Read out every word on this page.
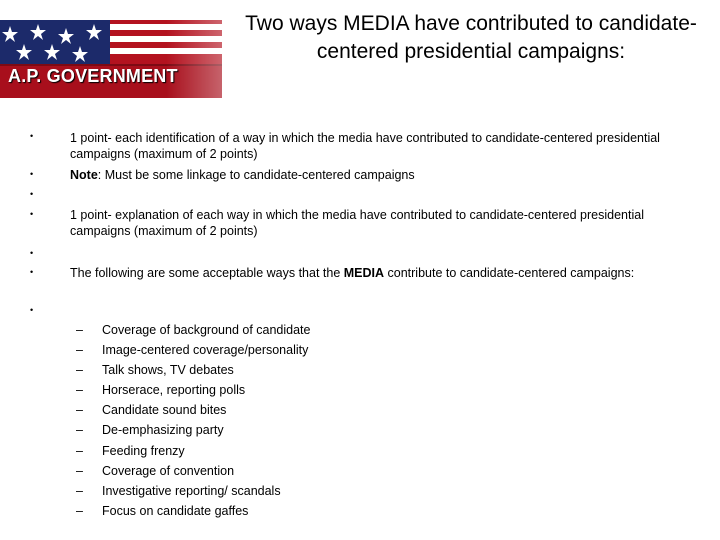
A.P. GOVERNMENT
Two ways MEDIA have contributed to candidate-centered presidential campaigns:
•
•
•
•
•
•
•
1 point- each identification of a way in which the media have contributed to candidate-centered presidential campaigns (maximum of 2 points)
Note: Must be some linkage to candidate-centered campaigns
1 point- explanation of each way in which the media have contributed to candidate-centered presidential campaigns (maximum of 2 points)
The following are some acceptable ways that the MEDIA contribute to candidate-centered campaigns:
–	Coverage of background of candidate
–	Image-centered coverage/personality
–	Talk shows, TV debates
–	Horserace, reporting polls
–	Candidate sound bites
–	De-emphasizing party
–	Feeding frenzy
–	Coverage of convention
–	Investigative reporting/ scandals
–	Focus on candidate gaffes
